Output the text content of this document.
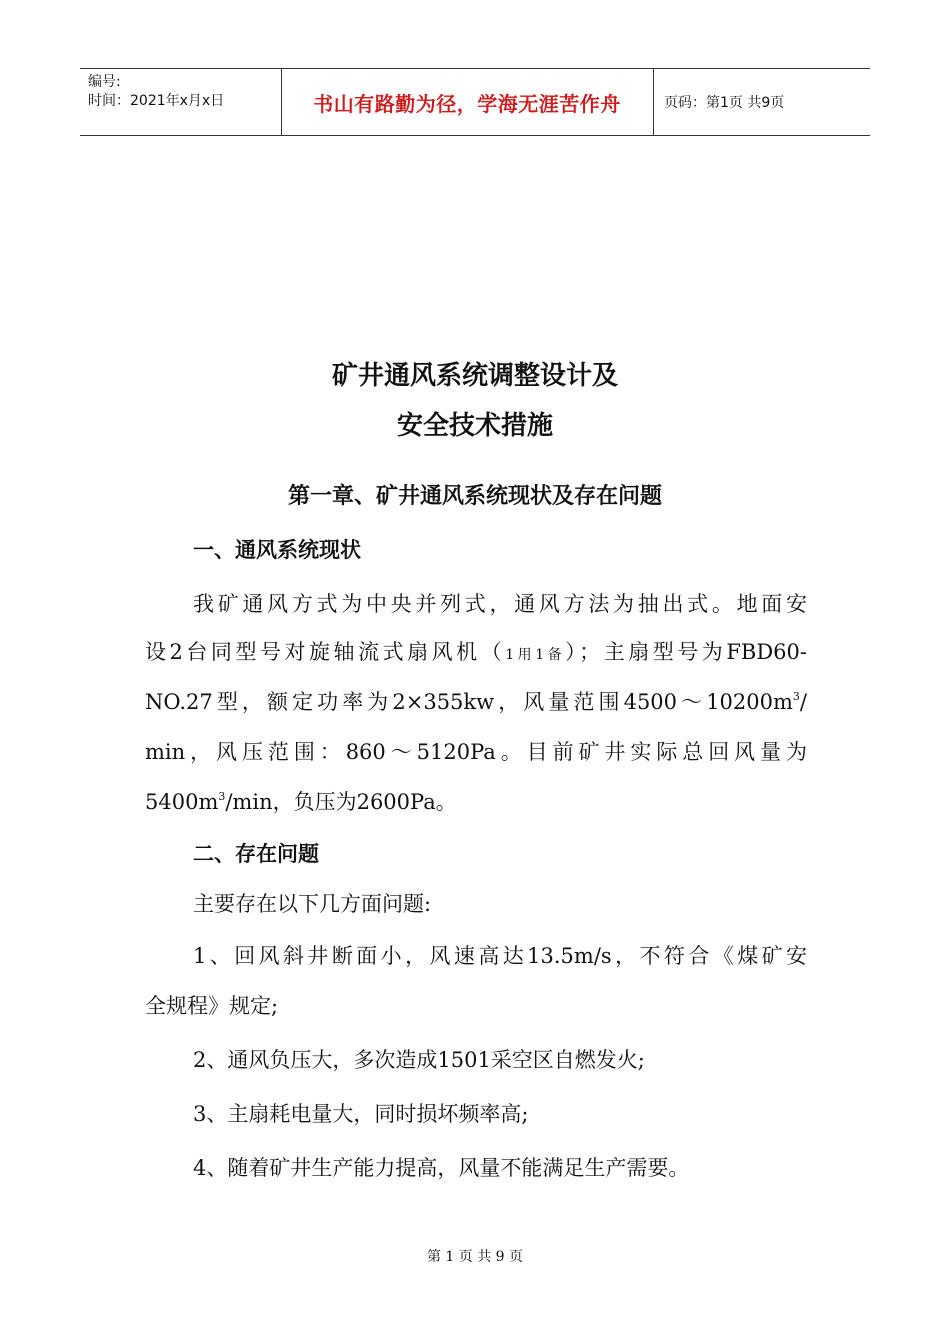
编号:
时间：2021年x月x日	书山有路勤为径，学海无涯苦作舟	页码：第1页 共9页
矿井通风系统调整设计及
安全技术措施
第一章、矿井通风系统现状及存在问题
一、通风系统现状
我矿通风方式为中央并列式，通风方法为抽出式。地面安
设2台同型号对旋轴流式扇风机（1用1备）；主扇型号为FBD60-
NO.27型，额定功率为2×355kw，风量范围$4500\sim 10200m^3/$
min，风压范围：860～5120Pa。目前矿井实际总回风量为
$5400m^3/\min$，负压为2600Pa。
二、存在问题
主要存在以下几方面问题:
1、回风斜井断面小，风速高达13.5m/s，不符合《煤矿安
全规程》规定;
2、通风负压大，多次造成1501采空区自燃发火;
3、主扇耗电量大，同时损坏频率高;
4、随着矿井生产能力提高，风量不能满足生产需要。
第 1 页 共 9 页
